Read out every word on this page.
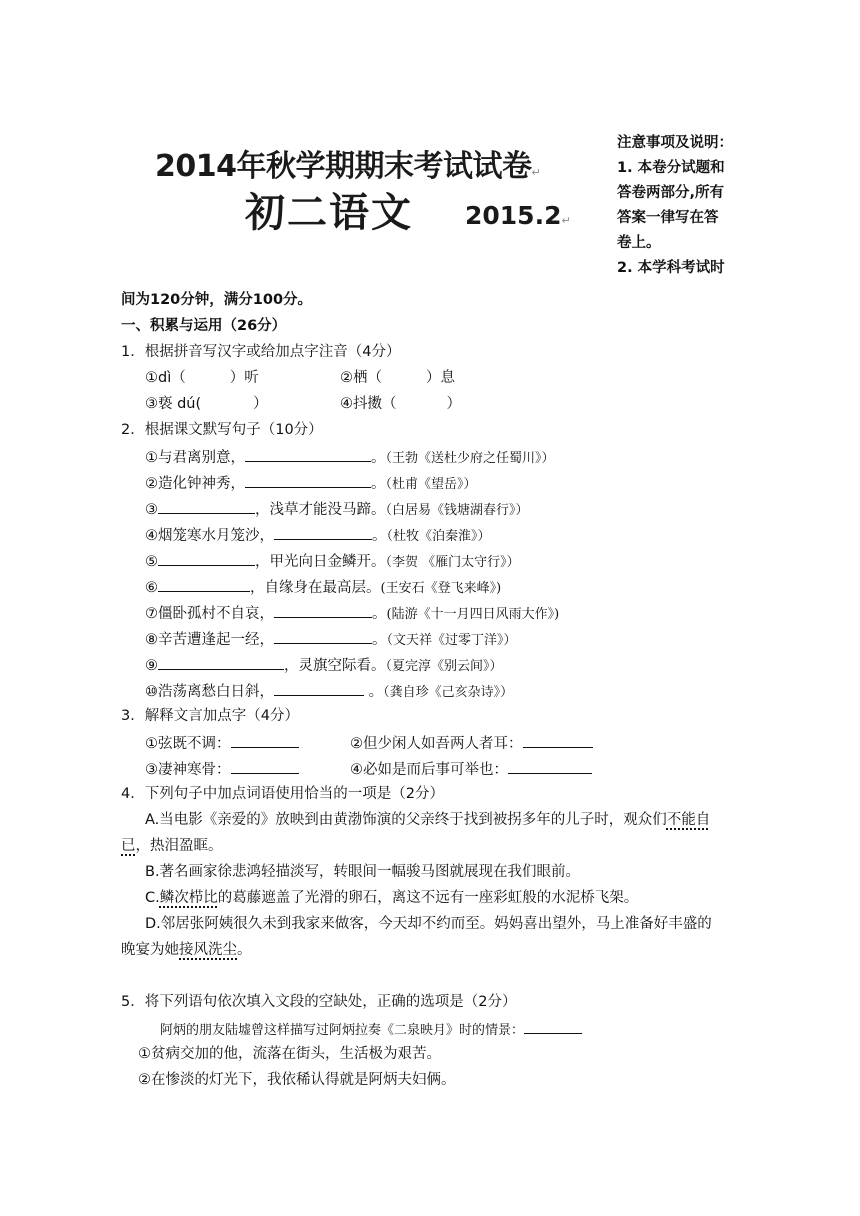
2014年秋学期期末考试试卷↵
初二语文 2015.2↵

注意事项及说明：

1. 本卷分试题和

答卷两部分,所有

答案一律写在答

卷上。

2. 本学科考试时

间为120分钟，满分100分。
一、积累与运用（26分）
1．根据拼音写汉字或给加点字注音（4分）
①dì（	）听	②栖（	）息
③亵 dú(	）	④抖擞（	）
2．根据课文默写句子（10分）
①与君离别意，	。（王勃《送杜少府之任蜀川》）
②造化钟神秀，	。（杜甫《望岳》）
③	，浅草才能没马蹄。（白居易《钱塘湖春行》）
④烟笼寒水月笼沙，	。（杜牧《泊秦淮》）
⑤	，甲光向日金鳞开。（李贺 《雁门太守行》）
⑥	，自缘身在最高层。(王安石《登飞来峰》)
⑦僵卧孤村不自哀，	。(陆游《十一月四日风雨大作》)
⑧辛苦遭逢起一经，	。（文天祥《过零丁洋》）
⑨	，灵旗空际看。（夏完淳《别云间》）
⑩浩荡离愁白日斜，	。（龚自珍《己亥杂诗》）
3．解释文言加点字（4分）
①弦既不调：	②但少闲人如吾两人者耳：
③凄神寒骨：	④必如是而后事可举也：
4．下列句子中加点词语使用恰当的一项是（2分）
A.当电影《亲爱的》放映到由黄渤饰演的父亲终于找到被拐多年的儿子时，观众们不能自
已，热泪盈眶。
B.著名画家徐悲鸿轻描淡写，转眼间一幅骏马图就展现在我们眼前。
C.鳞次栉比的葛藤遮盖了光滑的卵石，离这不远有一座彩虹般的水泥桥飞架。
D.邻居张阿姨很久未到我家来做客，今天却不约而至。妈妈喜出望外，马上准备好丰盛的
晚宴为她接风洗尘。
5．将下列语句依次填入文段的空缺处，正确的选项是（2分）
阿炳的朋友陆墟曾这样描写过阿炳拉奏《二泉映月》时的情景：
①贫病交加的他，流落在街头，生活极为艰苦。
②在惨淡的灯光下，我依稀认得就是阿炳夫妇俩。
